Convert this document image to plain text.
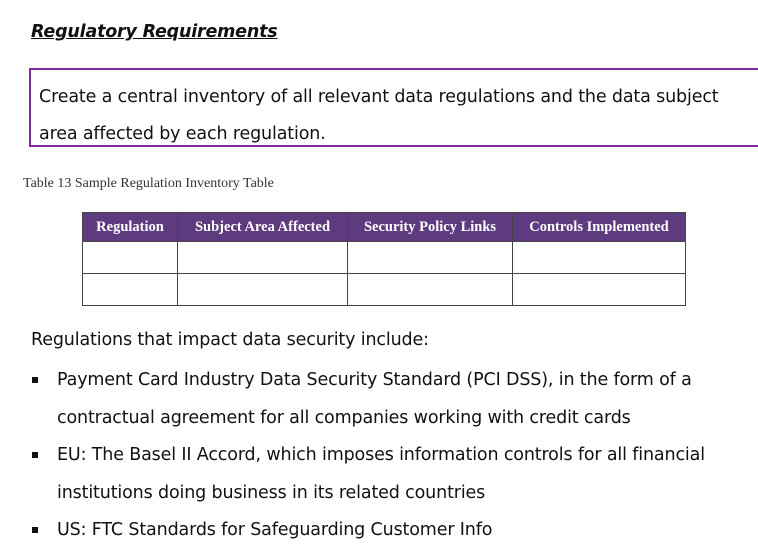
Regulatory Requirements
Create a central inventory of all relevant data regulations and the data subject area affected by each regulation.
Table 13 Sample Regulation Inventory Table
Regulation	Subject Area Affected	Security Policy Links	Controls Implemented

Regulations that impact data security include:
Payment Card Industry Data Security Standard (PCI DSS), in the form of a contractual agreement for all companies working with credit cards
EU: The Basel II Accord, which imposes information controls for all financial institutions doing business in its related countries
US: FTC Standards for Safeguarding Customer Info
